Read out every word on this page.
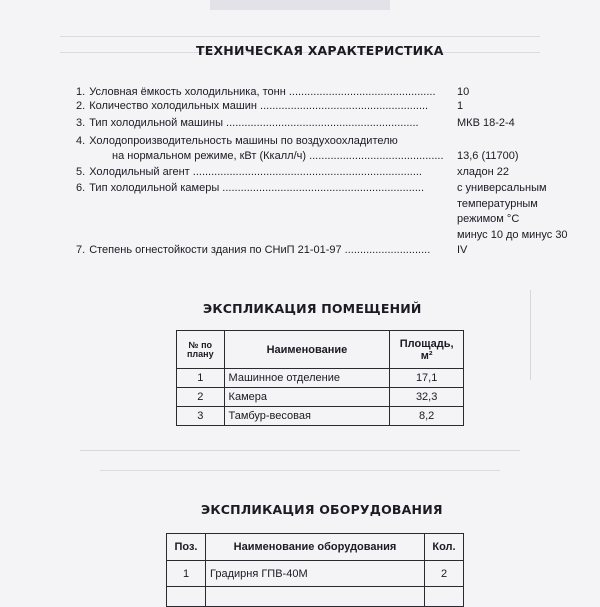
ТЕХНИЧЕСКАЯ ХАРАКТЕРИСТИКА
1. Условная ёмкость холодильника, тонн ................................................	10
2. Количество холодильных машин .......................................................	1
3. Тип холодильной машины ...............................................................	МКВ 18-2-4
4. Холодопроизводительность машины по воздухоохладителю
на нормальном режиме, кВт (Ккалл/ч) ............................................	13,6 (11700)
5. Холодильный агент ...........................................................................	хладон 22
6. Тип холодильной камеры ..................................................................	с универсальным
температурным
режимом °С
минус 10 до минус 30
7. Степень огнестойкости здания по СНиП 21-01-97 ............................	IV
ЭКСПЛИКАЦИЯ ПОМЕЩЕНИЙ
№ по плану	Наименование	Площадь, м²
1	Машинное отделение	17,1
2	Камера	32,3
3	Тамбур-весовая	8,2
ЭКСПЛИКАЦИЯ ОБОРУДОВАНИЯ
Поз.	Наименование оборудования	Кол.
1	Градирня ГПВ-40М	2
